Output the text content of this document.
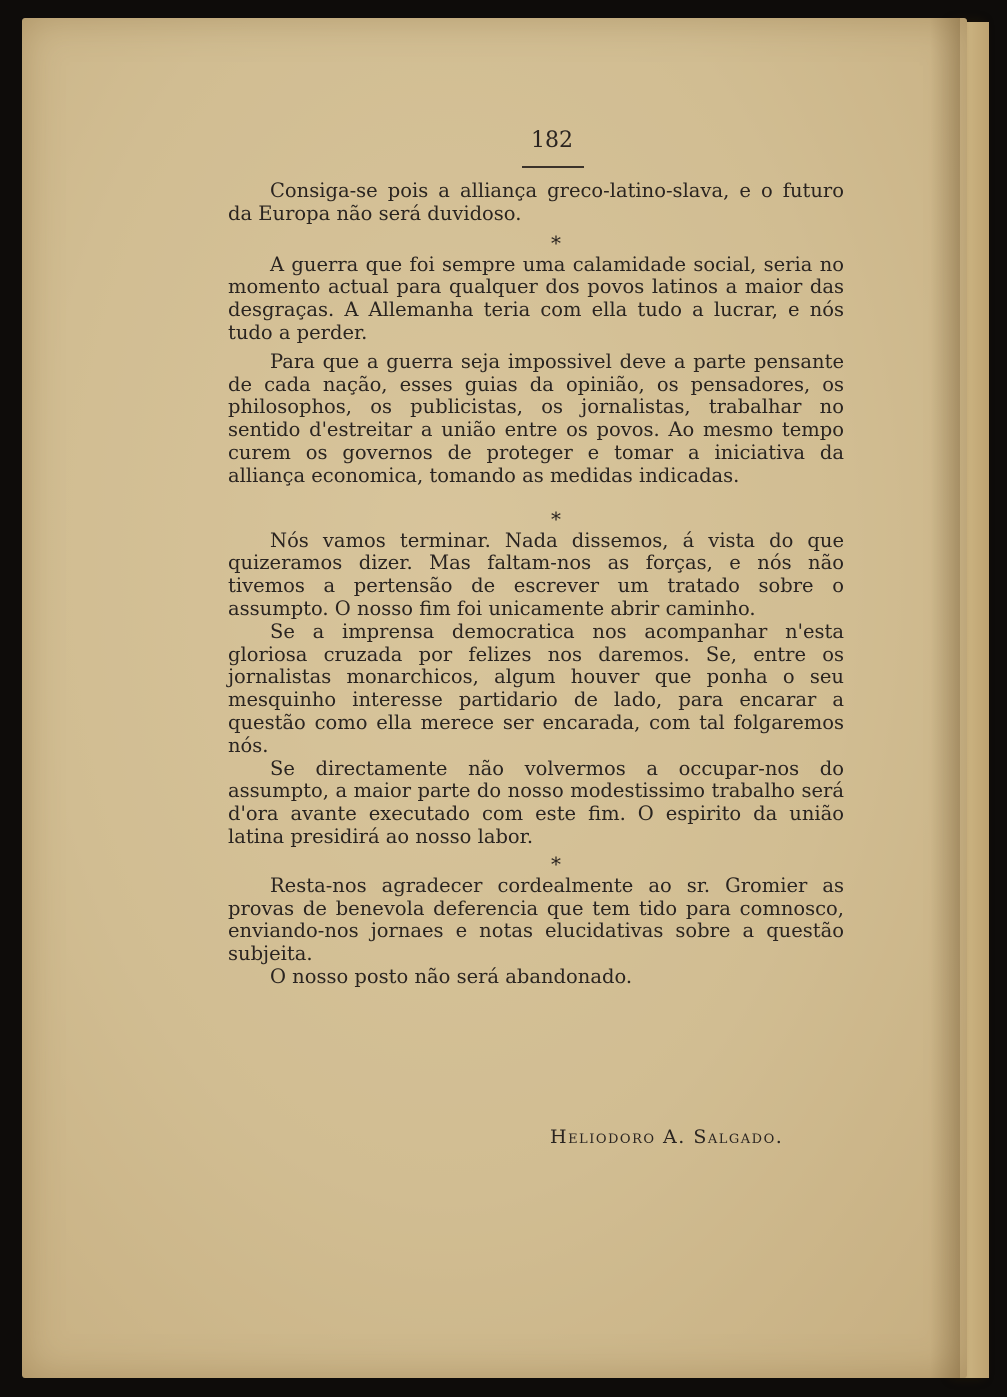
182

Consiga-se pois a alliança greco-latino-slava, e o futuro da Europa não será duvidoso.

*

A guerra que foi sempre uma calamidade social, seria no momento actual para qualquer dos povos latinos a maior das desgraças. A Allemanha teria com ella tudo a lucrar, e nós tudo a perder.

Para que a guerra seja impossivel deve a parte pensante de cada nação, esses guias da opinião, os pensadores, os philosophos, os publicistas, os jornalistas, trabalhar no sentido d'estreitar a união entre os povos. Ao mesmo tempo curem os governos de proteger e tomar a iniciativa da alliança economica, tomando as medidas indicadas.

*

Nós vamos terminar. Nada dissemos, á vista do que quizeramos dizer. Mas faltam-nos as forças, e nós não tivemos a pertensão de escrever um tratado sobre o assumpto. O nosso fim foi unicamente abrir caminho.

Se a imprensa democratica nos acompanhar n'esta gloriosa cruzada por felizes nos daremos. Se, entre os jornalistas monarchicos, algum houver que ponha o seu mesquinho interesse partidario de lado, para encarar a questão como ella merece ser encarada, com tal folgaremos nós.

Se directamente não volvermos a occupar-nos do assumpto, a maior parte do nosso modestissimo trabalho será d'ora avante executado com este fim. O espirito da união latina presidirá ao nosso labor.

*

Resta-nos agradecer cordealmente ao sr. Gromier as provas de benevola deferencia que tem tido para comnosco, enviando-nos jornaes e notas elucidativas sobre a questão subjeita.

O nosso posto não será abandonado.

Heliodoro A. Salgado.
